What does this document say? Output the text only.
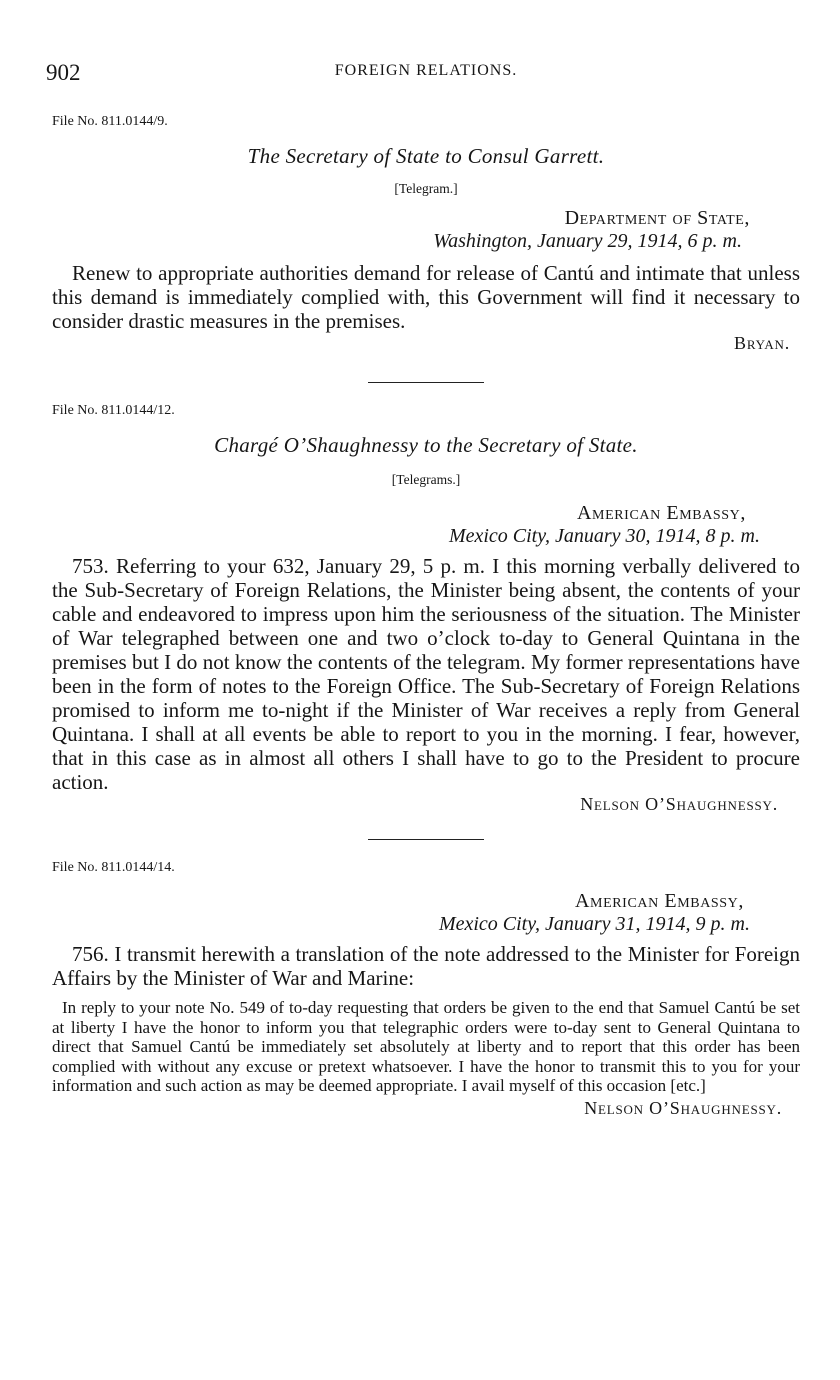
902	FOREIGN RELATIONS.

File No. 811.0144/9.

The Secretary of State to Consul Garrett.

[Telegram.]

Department of State,

Washington, January 29, 1914, 6 p. m.

Renew to appropriate authorities demand for release of Cantú and intimate that unless this demand is immediately complied with, this Government will find it necessary to consider drastic measures in the premises.

Bryan.

File No. 811.0144/12.

Chargé O’Shaughnessy to the Secretary of State.

[Telegrams.]

American Embassy,

Mexico City, January 30, 1914, 8 p. m.

753. Referring to your 632, January 29, 5 p. m. I this morning verbally delivered to the Sub-Secretary of Foreign Relations, the Minister being absent, the contents of your cable and endeavored to impress upon him the seriousness of the situation. The Minister of War telegraphed between one and two o’clock to-day to General Quintana in the premises but I do not know the contents of the telegram. My former representations have been in the form of notes to the Foreign Office. The Sub-Secretary of Foreign Relations promised to inform me to-night if the Minister of War receives a reply from General Quintana. I shall at all events be able to report to you in the morning. I fear, however, that in this case as in almost all others I shall have to go to the President to procure action.

Nelson O’Shaughnessy.

File No. 811.0144/14.

American Embassy,

Mexico City, January 31, 1914, 9 p. m.

756. I transmit herewith a translation of the note addressed to the Minister for Foreign Affairs by the Minister of War and Marine:

In reply to your note No. 549 of to-day requesting that orders be given to the end that Samuel Cantú be set at liberty I have the honor to inform you that telegraphic orders were to-day sent to General Quintana to direct that Samuel Cantú be immediately set absolutely at liberty and to report that this order has been complied with without any excuse or pretext whatsoever. I have the honor to transmit this to you for your information and such action as may be deemed appropriate. I avail myself of this occasion [etc.]

Nelson O’Shaughnessy.
